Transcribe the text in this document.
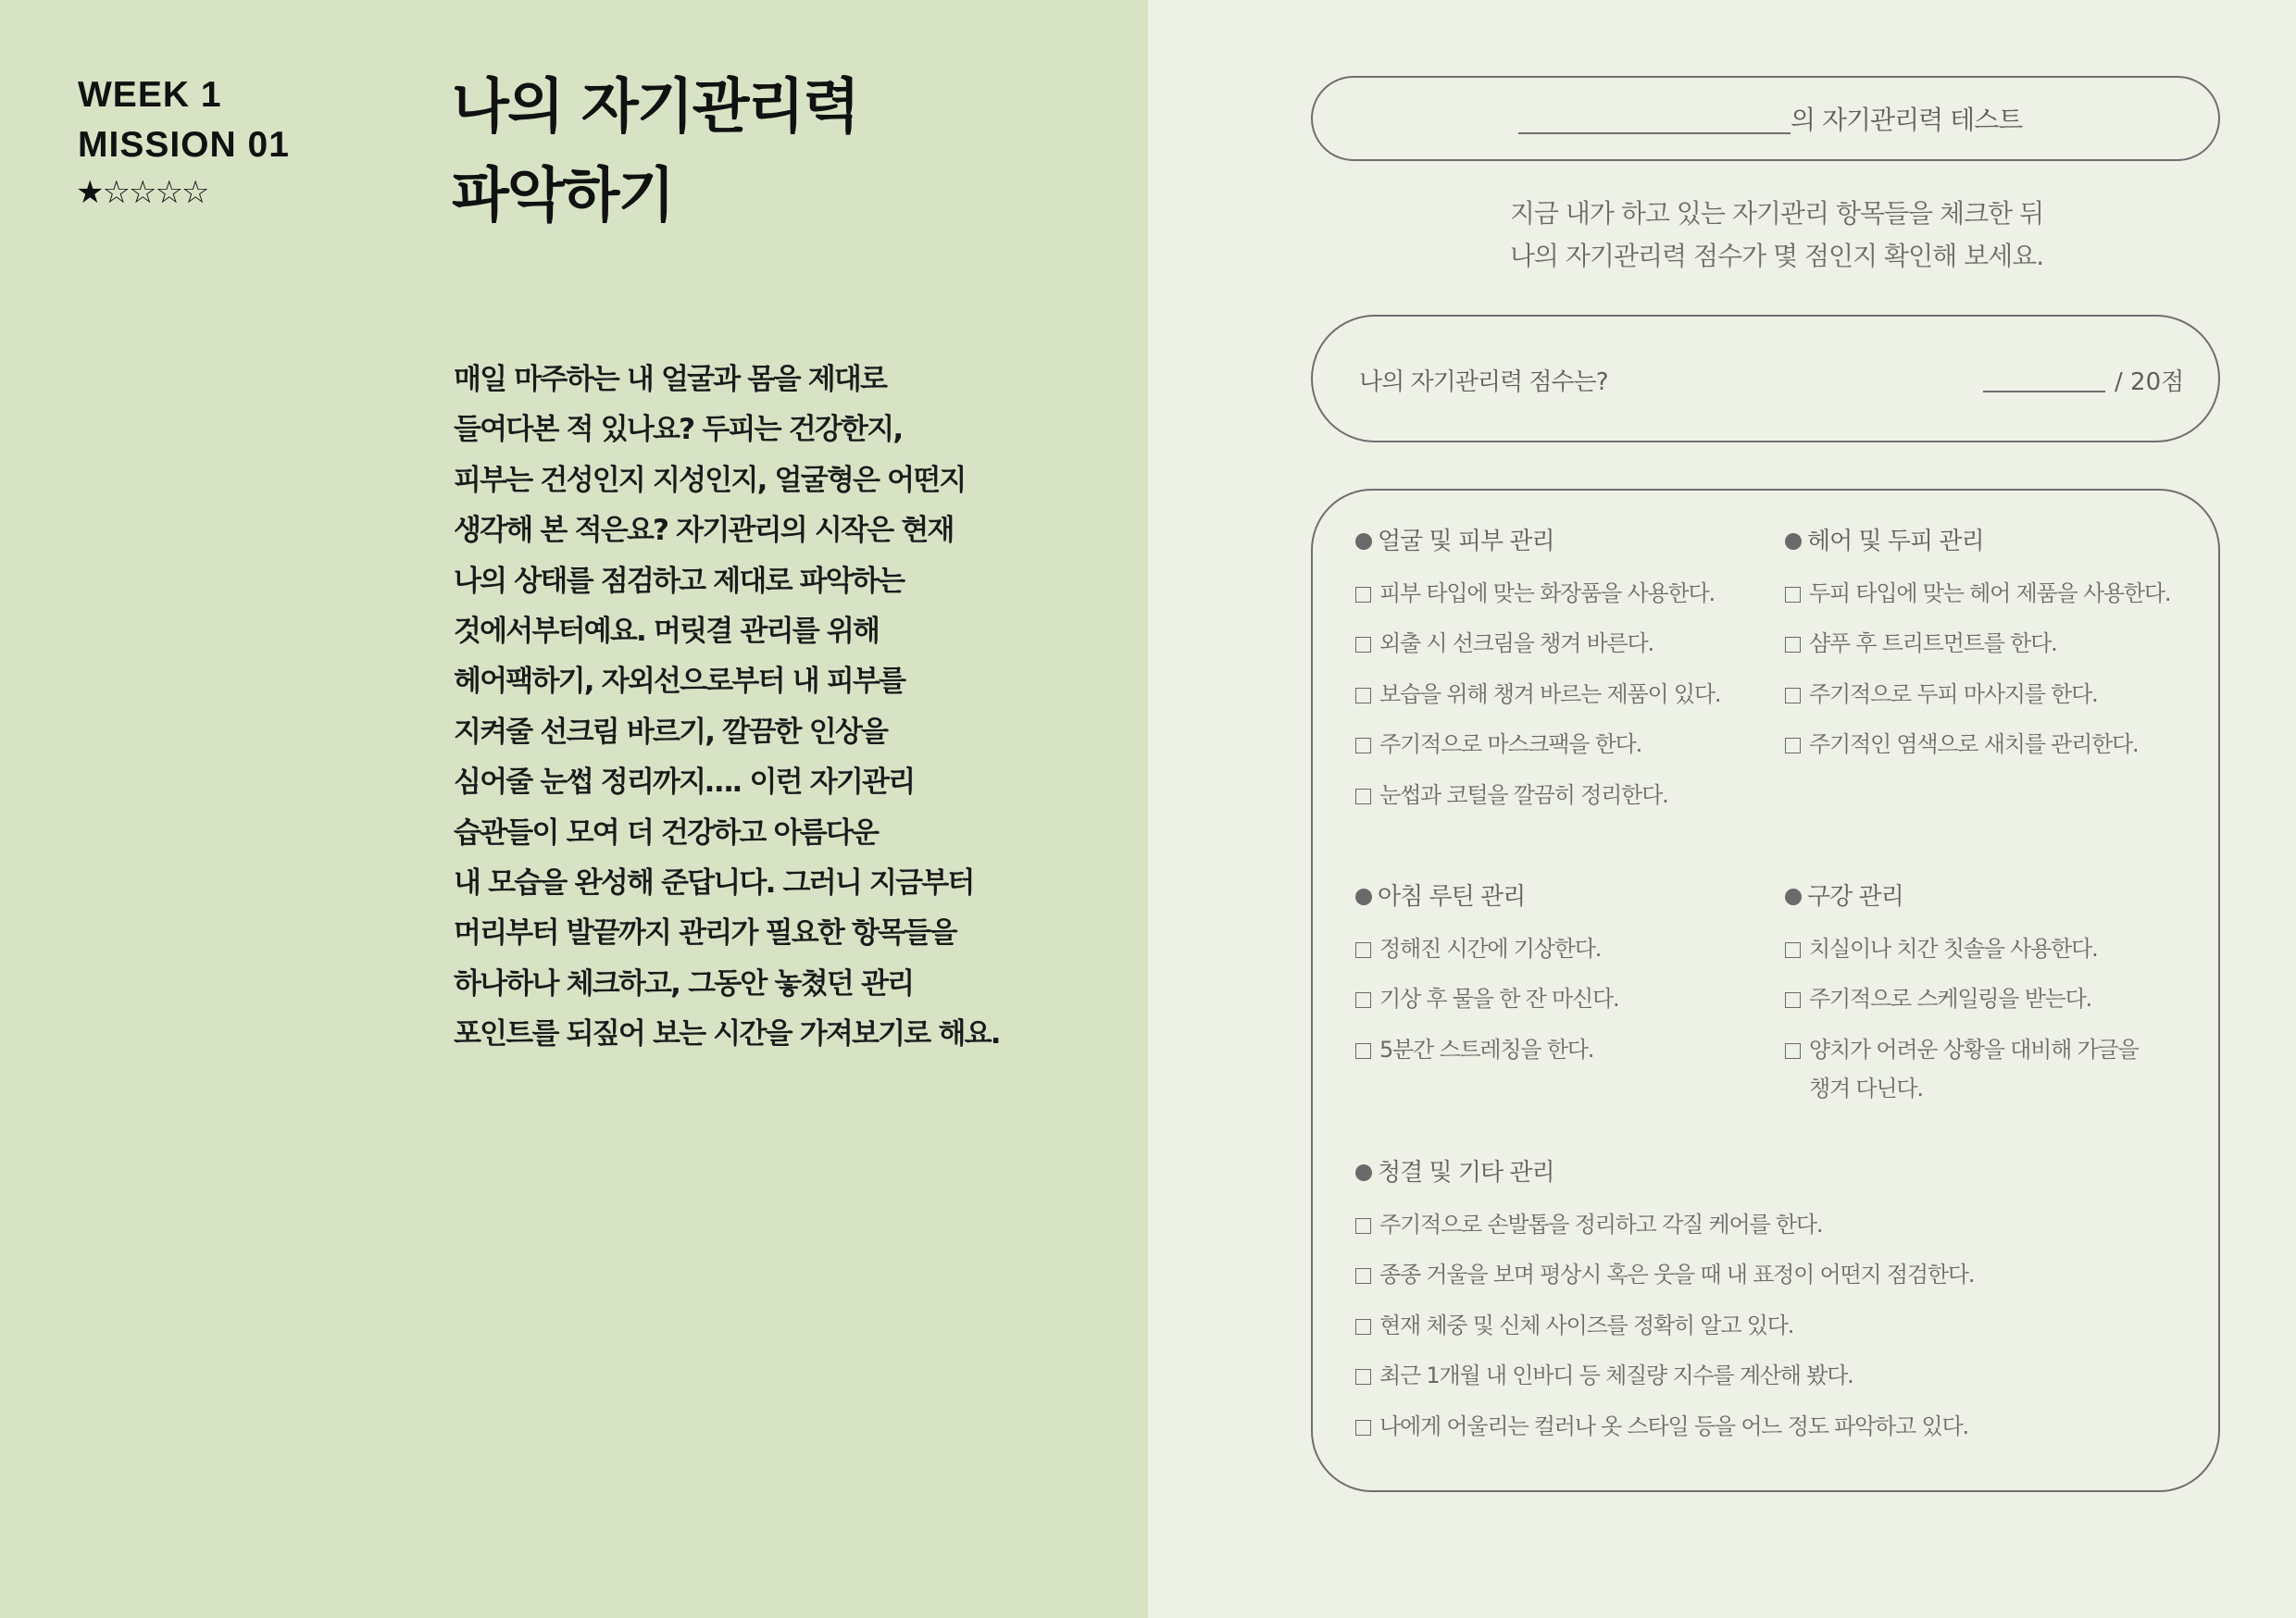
WEEK 1
MISSION 01
★☆☆☆☆
나의 자기관리력
파악하기
매일 마주하는 내 얼굴과 몸을 제대로
들여다본 적 있나요? 두피는 건강한지,
피부는 건성인지 지성인지, 얼굴형은 어떤지
생각해 본 적은요? 자기관리의 시작은 현재
나의 상태를 점검하고 제대로 파악하는
것에서부터예요. 머릿결 관리를 위해
헤어팩하기, 자외선으로부터 내 피부를
지켜줄 선크림 바르기, 깔끔한 인상을
심어줄 눈썹 정리까지…. 이런 자기관리
습관들이 모여 더 건강하고 아름다운
내 모습을 완성해 준답니다. 그러니 지금부터
머리부터 발끝까지 관리가 필요한 항목들을
하나하나 체크하고, 그동안 놓쳤던 관리
포인트를 되짚어 보는 시간을 가져보기로 해요.
의 자기관리력 테스트
지금 내가 하고 있는 자기관리 항목들을 체크한 뒤
나의 자기관리력 점수가 몇 점인지 확인해 보세요.
나의 자기관리력 점수는?	/ 20점
얼굴 및 피부 관리
피부 타입에 맞는 화장품을 사용한다.
외출 시 선크림을 챙겨 바른다.
보습을 위해 챙겨 바르는 제품이 있다.
주기적으로 마스크팩을 한다.
눈썹과 코털을 깔끔히 정리한다.
헤어 및 두피 관리
두피 타입에 맞는 헤어 제품을 사용한다.
샴푸 후 트리트먼트를 한다.
주기적으로 두피 마사지를 한다.
주기적인 염색으로 새치를 관리한다.
아침 루틴 관리
정해진 시간에 기상한다.
기상 후 물을 한 잔 마신다.
5분간 스트레칭을 한다.
구강 관리
치실이나 치간 칫솔을 사용한다.
주기적으로 스케일링을 받는다.
양치가 어려운 상황을 대비해 가글을
챙겨 다닌다.
청결 및 기타 관리
주기적으로 손발톱을 정리하고 각질 케어를 한다.
종종 거울을 보며 평상시 혹은 웃을 때 내 표정이 어떤지 점검한다.
현재 체중 및 신체 사이즈를 정확히 알고 있다.
최근 1개월 내 인바디 등 체질량 지수를 계산해 봤다.
나에게 어울리는 컬러나 옷 스타일 등을 어느 정도 파악하고 있다.
